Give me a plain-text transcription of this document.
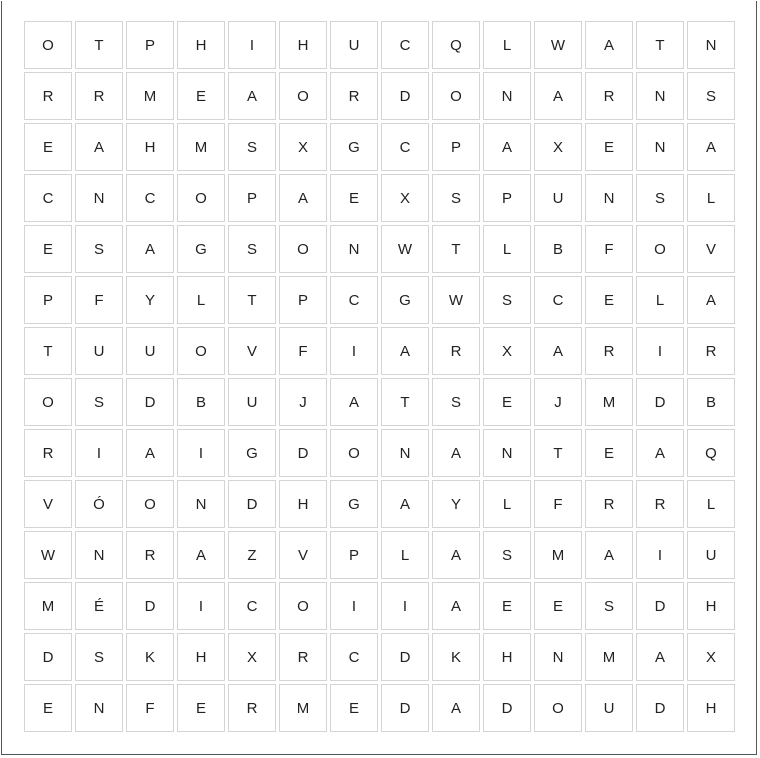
O	T	P	H	I	H	U	C	Q	L	W	A	T	N
R	R	M	E	A	O	R	D	O	N	A	R	N	S
E	A	H	M	S	X	G	C	P	A	X	E	N	A
C	N	C	O	P	A	E	X	S	P	U	N	S	L
E	S	A	G	S	O	N	W	T	L	B	F	O	V
P	F	Y	L	T	P	C	G	W	S	C	E	L	A
T	U	U	O	V	F	I	A	R	X	A	R	I	R
O	S	D	B	U	J	A	T	S	E	J	M	D	B
R	I	A	I	G	D	O	N	A	N	T	E	A	Q
V	Ó	O	N	D	H	G	A	Y	L	F	R	R	L
W	N	R	A	Z	V	P	L	A	S	M	A	I	U
M	É	D	I	C	O	I	I	A	E	E	S	D	H
D	S	K	H	X	R	C	D	K	H	N	M	A	X
E	N	F	E	R	M	E	D	A	D	O	U	D	H
